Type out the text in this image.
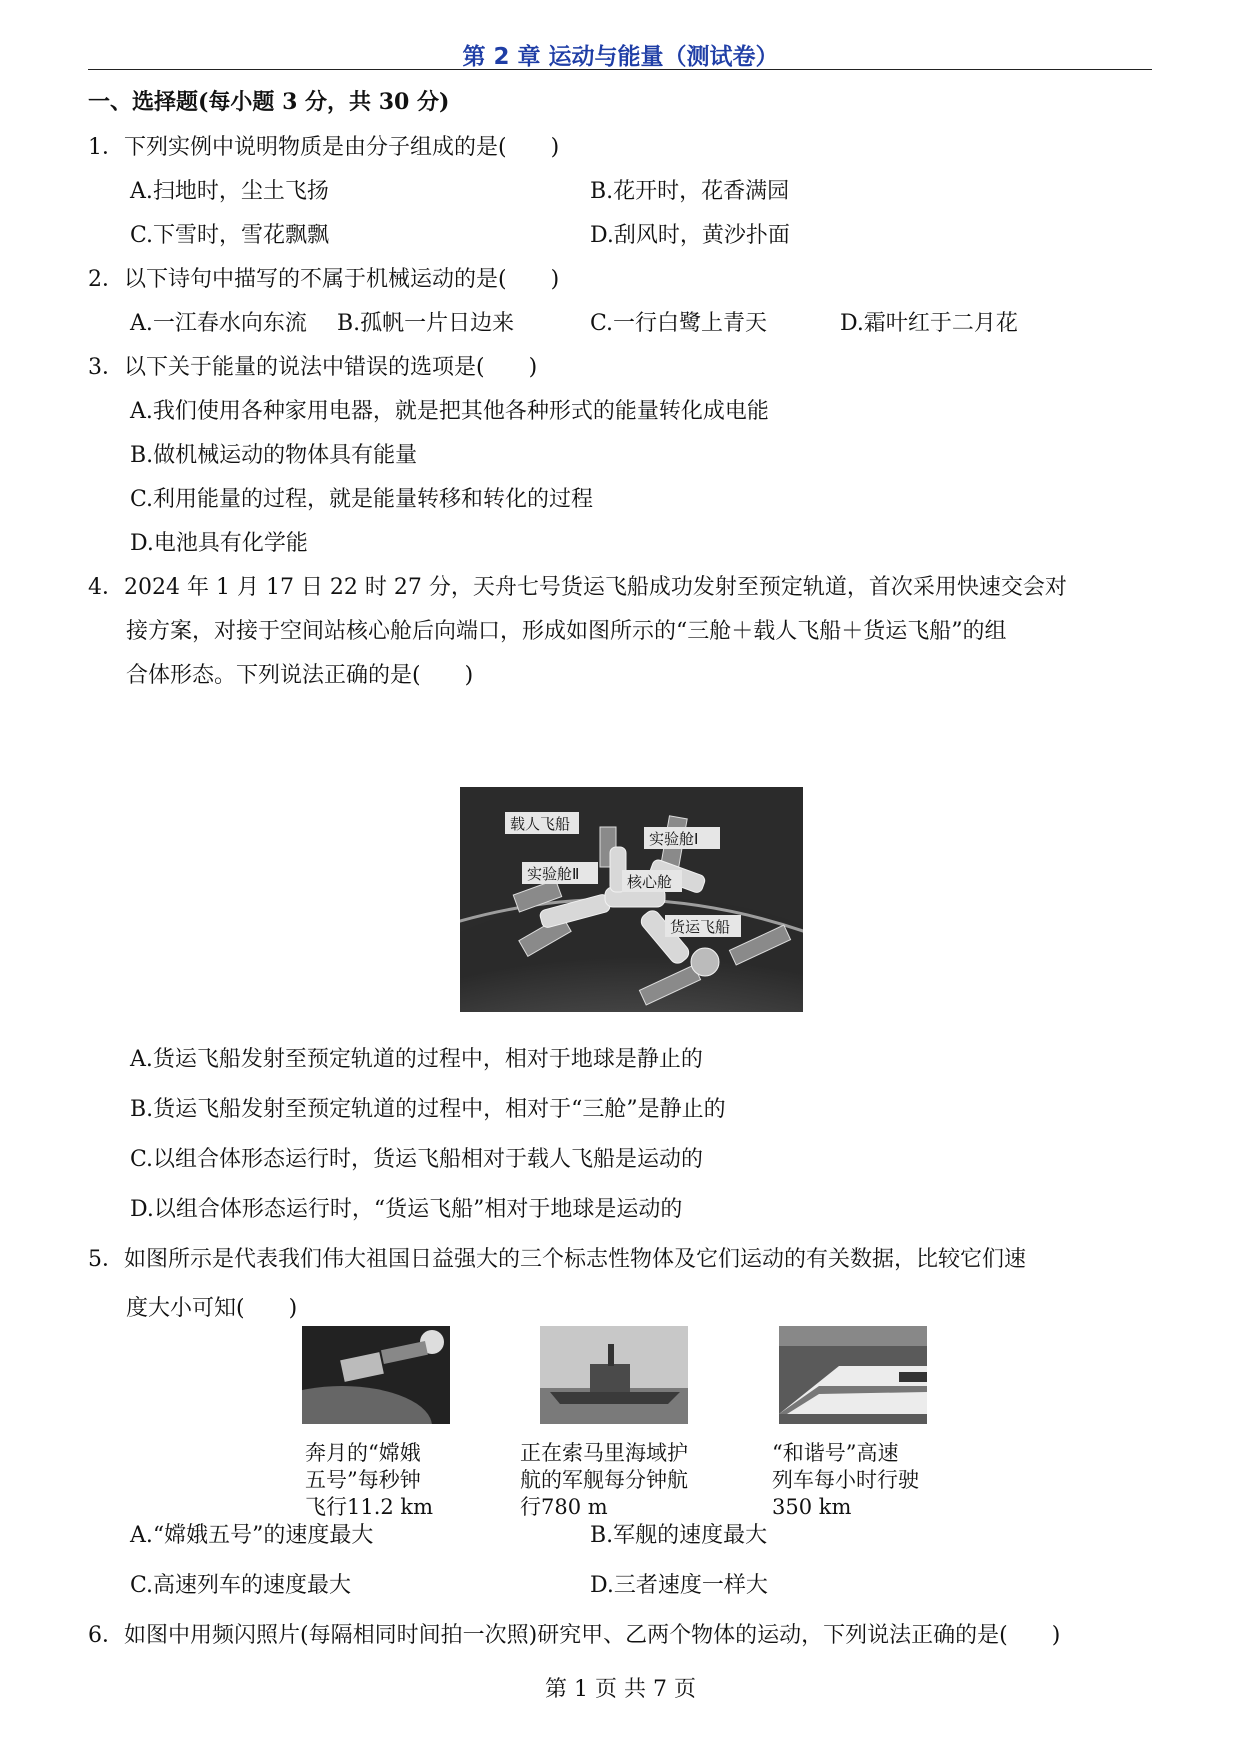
第 2 章 运动与能量（测试卷）
一、选择题(每小题 3 分，共 30 分)
1．下列实例中说明物质是由分子组成的是(　　)
A.扫地时，尘土飞扬	B.花开时，花香满园
C.下雪时，雪花飘飘	D.刮风时，黄沙扑面
2．以下诗句中描写的不属于机械运动的是(　　)
A.一江春水向东流 B.孤帆一片日边来	C.一行白鹭上青天	D.霜叶红于二月花
3．以下关于能量的说法中错误的选项是(　　)
A.我们使用各种家用电器，就是把其他各种形式的能量转化成电能
B.做机械运动的物体具有能量
C.利用能量的过程，就是能量转移和转化的过程
D.电池具有化学能
4．2024 年 1 月 17 日 22 时 27 分，天舟七号货运飞船成功发射至预定轨道，首次采用快速交会对
接方案，对接于空间站核心舱后向端口，形成如图所示的“三舱＋载人飞船＋货运飞船”的组
合体形态。下列说法正确的是(　　)
载人飞船
实验舱Ⅰ
实验舱Ⅱ	核心舱
货运飞船
A.货运飞船发射至预定轨道的过程中，相对于地球是静止的
B.货运飞船发射至预定轨道的过程中，相对于“三舱”是静止的
C.以组合体形态运行时，货运飞船相对于载人飞船是运动的
D.以组合体形态运行时，“货运飞船”相对于地球是运动的
5．如图所示是代表我们伟大祖国日益强大的三个标志性物体及它们运动的有关数据，比较它们速
度大小可知(　　)
奔月的“嫦娥
五号”每秒钟
飞行11.2 km
正在索马里海域护
航的军舰每分钟航
行780 m
“和谐号”高速
列车每小时行驶
350 km
A.“嫦娥五号”的速度最大	B.军舰的速度最大
C.高速列车的速度最大	D.三者速度一样大
6．如图中用频闪照片(每隔相同时间拍一次照)研究甲、乙两个物体的运动，下列说法正确的是(　　)
第 1 页 共 7 页
